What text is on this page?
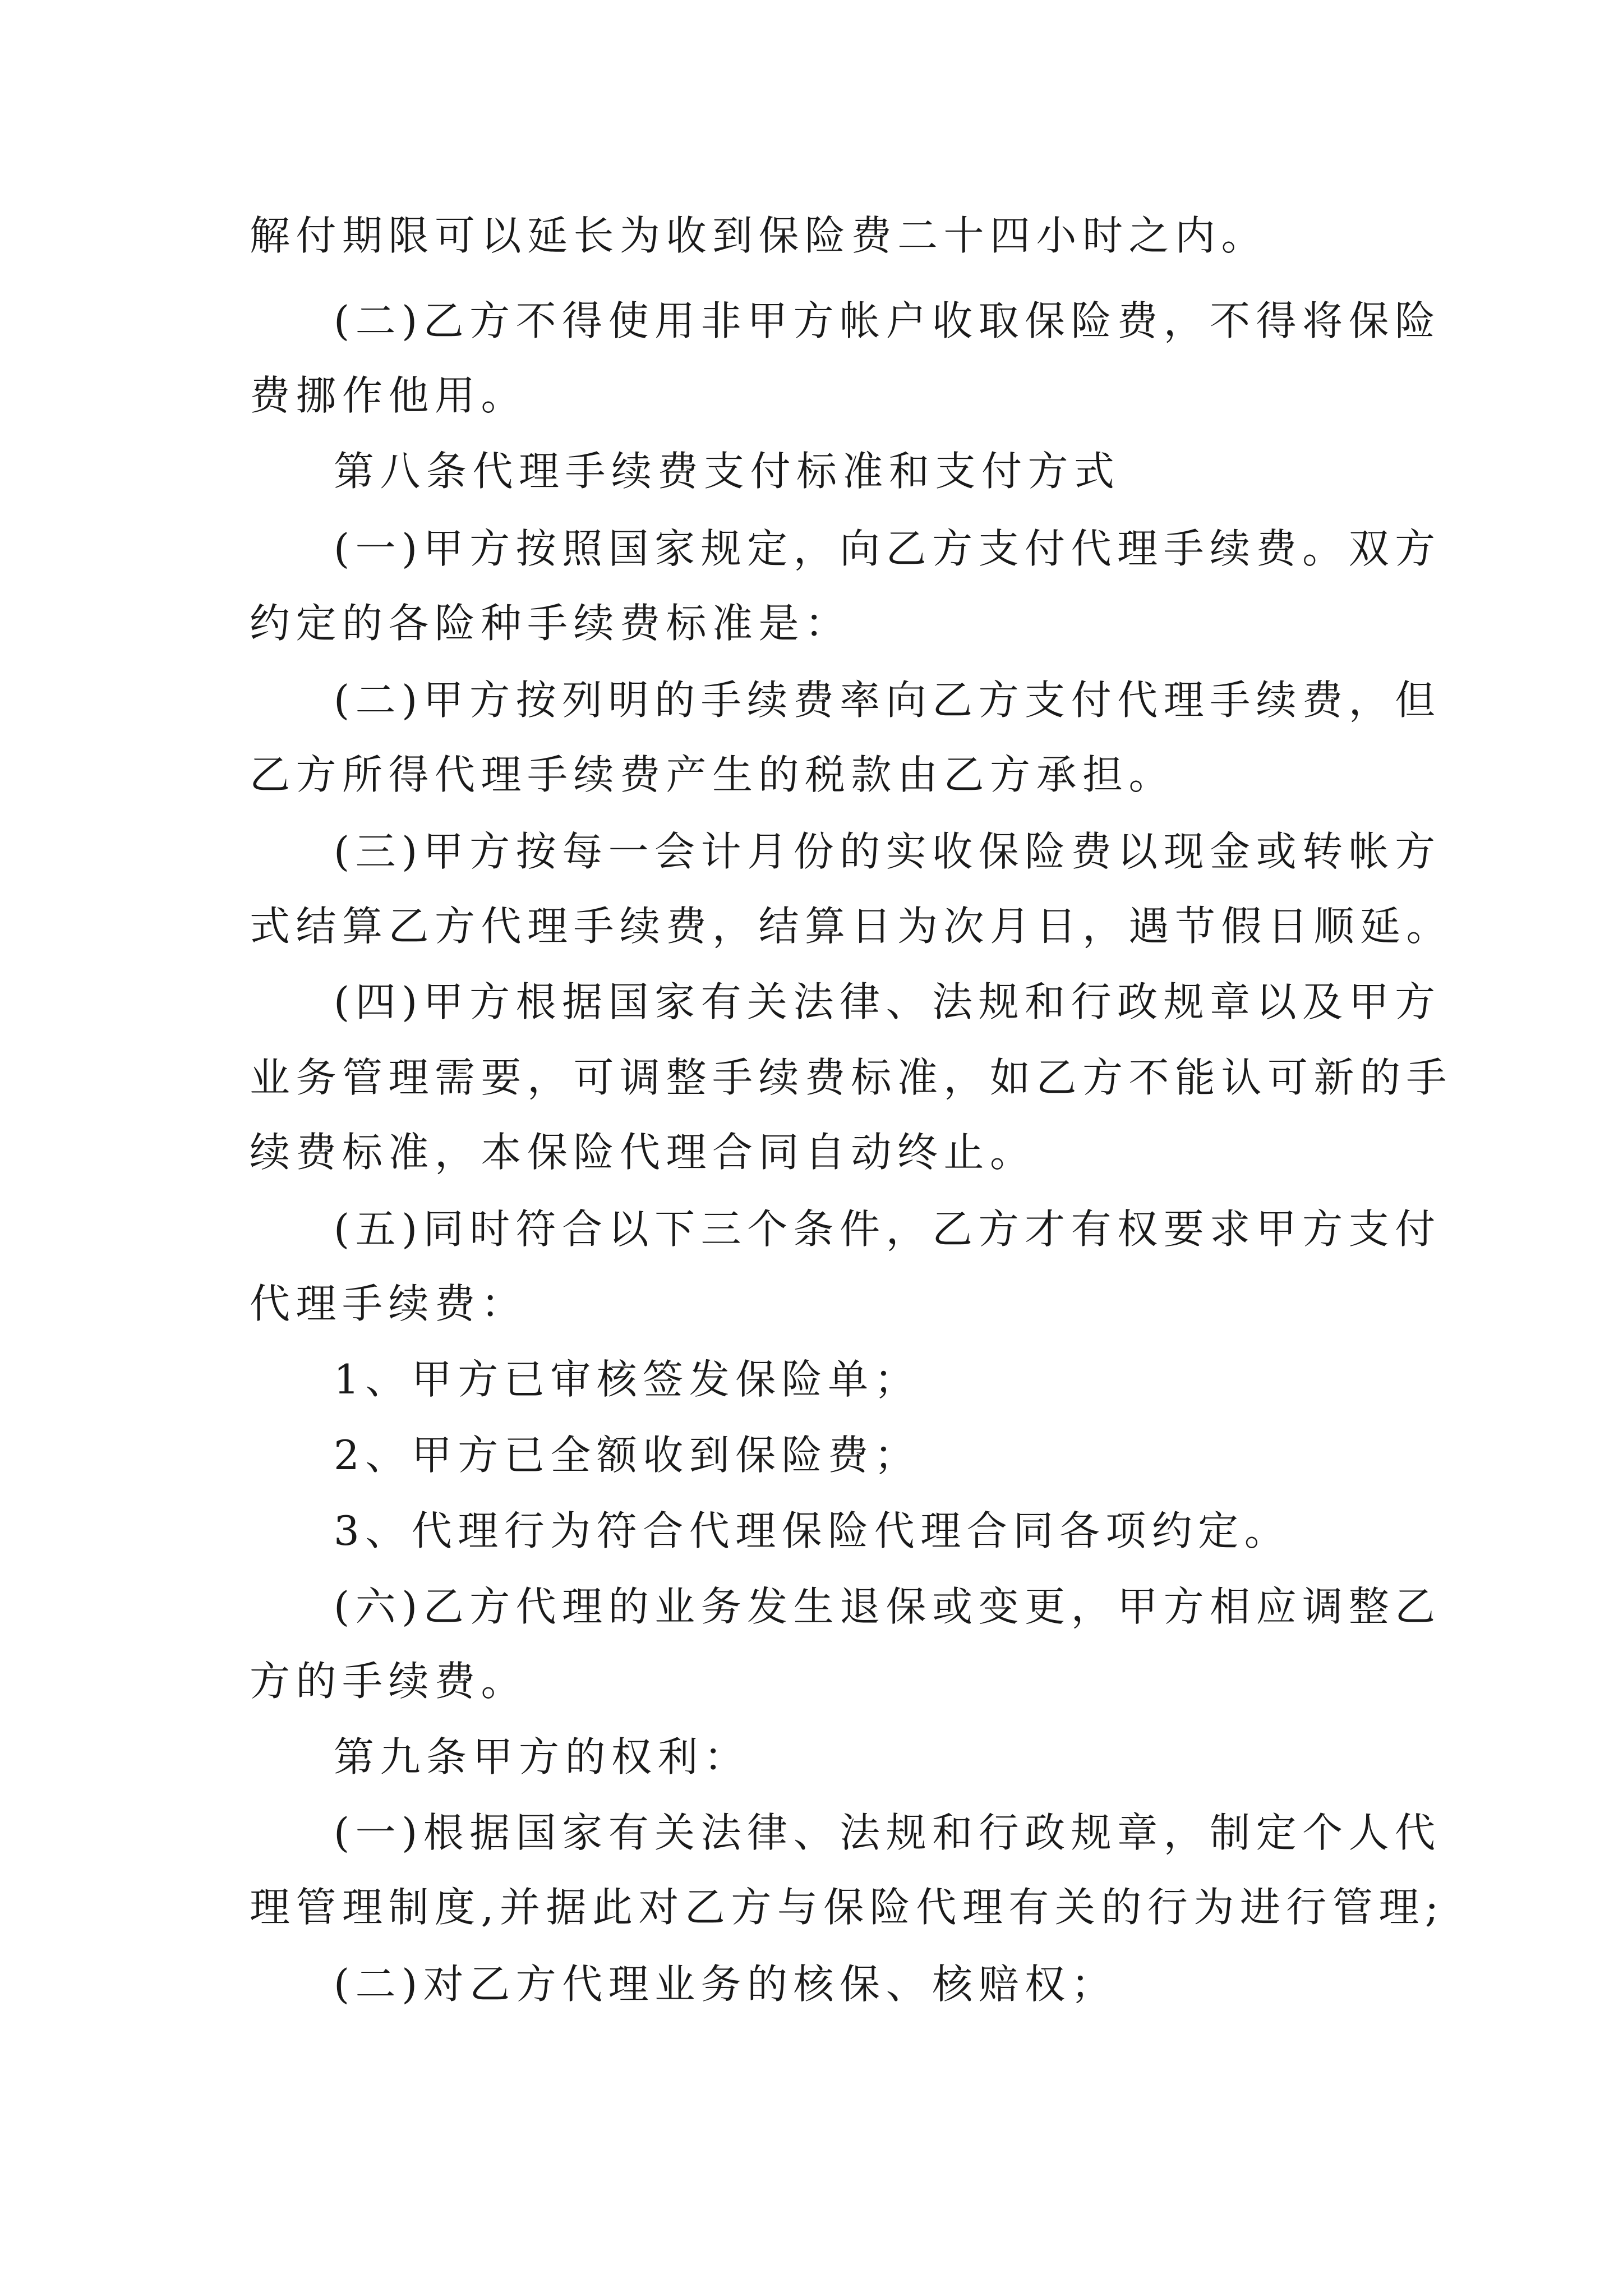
解付期限可以延长为收到保险费二十四小时之内。
(二)乙方不得使用非甲方帐户收取保险费，不得将保险
费挪作他用。
第八条代理手续费支付标准和支付方式
(一)甲方按照国家规定，向乙方支付代理手续费。双方
约定的各险种手续费标准是：
(二)甲方按列明的手续费率向乙方支付代理手续费，但
乙方所得代理手续费产生的税款由乙方承担。
(三)甲方按每一会计月份的实收保险费以现金或转帐方
式结算乙方代理手续费，结算日为次月日，遇节假日顺延。
(四)甲方根据国家有关法律、法规和行政规章以及甲方
业务管理需要，可调整手续费标准，如乙方不能认可新的手
续费标准，本保险代理合同自动终止。
(五)同时符合以下三个条件，乙方才有权要求甲方支付
代理手续费：
1、甲方已审核签发保险单；
2、甲方已全额收到保险费；
3、代理行为符合代理保险代理合同各项约定。
(六)乙方代理的业务发生退保或变更，甲方相应调整乙
方的手续费。
第九条甲方的权利：
(一)根据国家有关法律、法规和行政规章，制定个人代
理管理制度,并据此对乙方与保险代理有关的行为进行管理;
(二)对乙方代理业务的核保、核赔权；
